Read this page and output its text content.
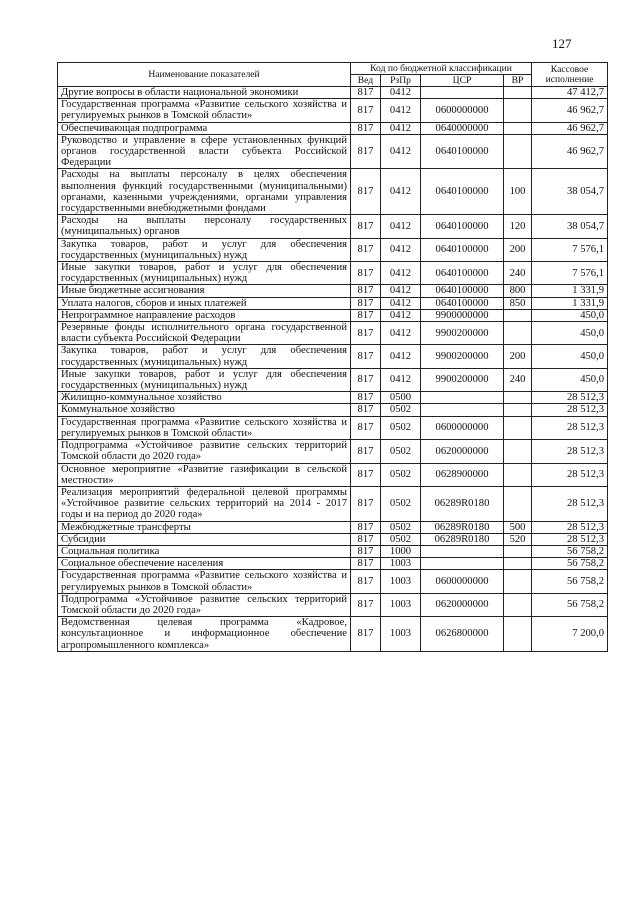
127
Наименование показателей	Код по бюджетной классификации				Кассовое
исполнение
	Вед	РзПр	ЦСР	ВР	
Другие вопросы в области национальной экономики	817	0412			47 412,7
Государственная программа «Развитие сельского хозяйства и регулируемых рынков в Томской области»	817	0412	0600000000		46 962,7
Обеспечивающая подпрограмма	817	0412	0640000000		46 962,7
Руководство и управление в сфере установленных функций органов государственной власти субъекта Российской Федерации	817	0412	0640100000		46 962,7
Расходы на выплаты персоналу в целях обеспечения выполнения функций государственными (муниципальными) органами, казенными учреждениями, органами управления государственными внебюджетными фондами	817	0412	0640100000	100	38 054,7
Расходы на выплаты персоналу государственных (муниципальных) органов	817	0412	0640100000	120	38 054,7
Закупка товаров, работ и услуг для обеспечения государственных (муниципальных) нужд	817	0412	0640100000	200	7 576,1
Иные закупки товаров, работ и услуг для обеспечения государственных (муниципальных) нужд	817	0412	0640100000	240	7 576,1
Иные бюджетные ассигнования	817	0412	0640100000	800	1 331,9
Уплата налогов, сборов и иных платежей	817	0412	0640100000	850	1 331,9
Непрограммное направление расходов	817	0412	9900000000		450,0
Резервные фонды исполнительного органа государственной власти субъекта Российской Федерации	817	0412	9900200000		450,0
Закупка товаров, работ и услуг для обеспечения государственных (муниципальных) нужд	817	0412	9900200000	200	450,0
Иные закупки товаров, работ и услуг для обеспечения государственных (муниципальных) нужд	817	0412	9900200000	240	450,0
Жилищно-коммунальное хозяйство	817	0500			28 512,3
Коммунальное хозяйство	817	0502			28 512,3
Государственная программа «Развитие сельского хозяйства и регулируемых рынков в Томской области»	817	0502	0600000000		28 512,3
Подпрограмма «Устойчивое развитие сельских территорий Томской области до 2020 года»	817	0502	0620000000		28 512,3
Основное мероприятие «Развитие газификации в сельской местности»	817	0502	0628900000		28 512,3
Реализация мероприятий федеральной целевой программы «Устойчивое развитие сельских территорий на 2014 - 2017 годы и на период до 2020 года»	817	0502	06289R0180		28 512,3
Межбюджетные трансферты	817	0502	06289R0180	500	28 512,3
Субсидии	817	0502	06289R0180	520	28 512,3
Социальная политика	817	1000			56 758,2
Социальное обеспечение населения	817	1003			56 758,2
Государственная программа «Развитие сельского хозяйства и регулируемых рынков в Томской области»	817	1003	0600000000		56 758,2
Подпрограмма «Устойчивое развитие сельских территорий Томской области до 2020 года»	817	1003	0620000000		56 758,2
Ведомственная целевая программа «Кадровое, консультационное и информационное обеспечение агропромышленного комплекса»	817	1003	0626800000		7 200,0
